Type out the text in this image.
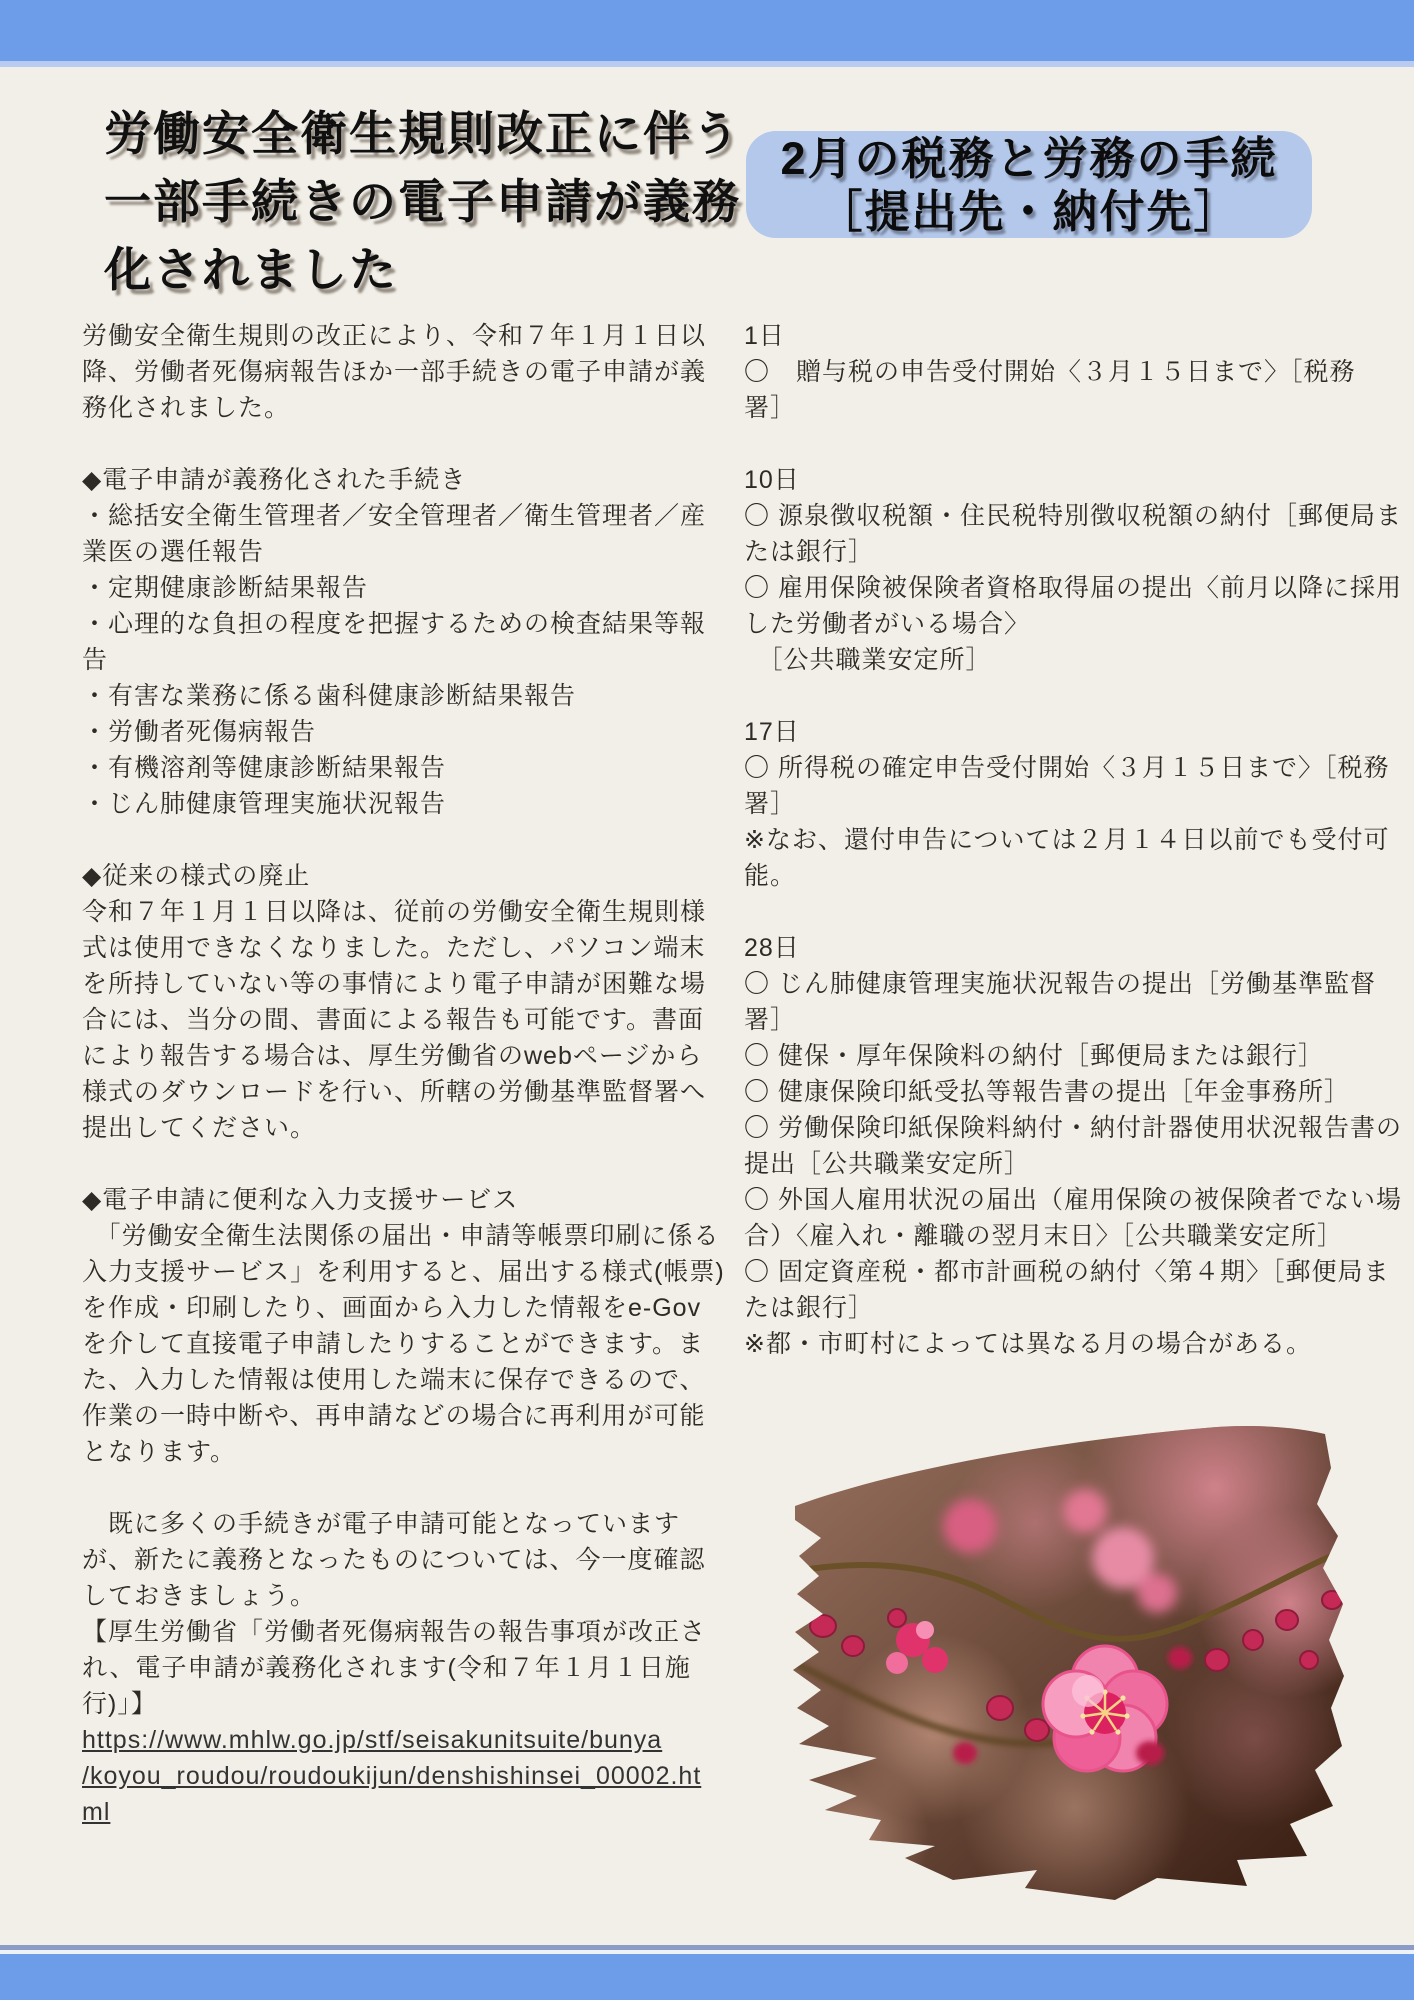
労働安全衛生規則改正に伴う
一部手続きの電子申請が義務
化されました
2月の税務と労務の手続
［提出先・納付先］
労働安全衛生規則の改正により、令和７年１月１日以
降、労働者死傷病報告ほか一部手続きの電子申請が義
務化されました。
◆電子申請が義務化された手続き
・総括安全衛生管理者／安全管理者／衛生管理者／産
業医の選任報告
・定期健康診断結果報告
・心理的な負担の程度を把握するための検査結果等報
告
・有害な業務に係る歯科健康診断結果報告
・労働者死傷病報告
・有機溶剤等健康診断結果報告
・じん肺健康管理実施状況報告
◆従来の様式の廃止
令和７年１月１日以降は、従前の労働安全衛生規則様
式は使用できなくなりました。ただし、パソコン端末
を所持していない等の事情により電子申請が困難な場
合には、当分の間、書面による報告も可能です。書面
により報告する場合は、厚生労働省のwebページから
様式のダウンロードを行い、所轄の労働基準監督署へ
提出してください。
◆電子申請に便利な入力支援サービス
　「労働安全衛生法関係の届出・申請等帳票印刷に係る
入力支援サービス」を利用すると、届出する様式(帳票)
を作成・印刷したり、画面から入力した情報をe-Gov
を介して直接電子申請したりすることができます。ま
た、入力した情報は使用した端末に保存できるので、
作業の一時中断や、再申請などの場合に再利用が可能
となります。
　既に多くの手続きが電子申請可能となっています
が、新たに義務となったものについては、今一度確認
しておきましょう。
【厚生労働省「労働者死傷病報告の報告事項が改正さ
れ、電子申請が義務化されます(令和７年１月１日施
行)」】
https://www.mhlw.go.jp/stf/seisakunitsuite/bunya
/koyou_roudou/roudoukijun/denshishinsei_00002.ht
ml
1日
〇　贈与税の申告受付開始〈３月１５日まで〉［税務
署］
10日
〇 源泉徴収税額・住民税特別徴収税額の納付［郵便局ま
たは銀行］
〇 雇用保険被保険者資格取得届の提出〈前月以降に採用
した労働者がいる場合〉
　［公共職業安定所］
17日
〇 所得税の確定申告受付開始〈３月１５日まで〉［税務
署］
※なお、還付申告については２月１４日以前でも受付可
能。
28日
〇 じん肺健康管理実施状況報告の提出［労働基準監督
署］
〇 健保・厚年保険料の納付［郵便局または銀行］
〇 健康保険印紙受払等報告書の提出［年金事務所］
〇 労働保険印紙保険料納付・納付計器使用状況報告書の
提出［公共職業安定所］
〇 外国人雇用状況の届出（雇用保険の被保険者でない場
合）〈雇入れ・離職の翌月末日〉［公共職業安定所］
〇 固定資産税・都市計画税の納付〈第４期〉［郵便局ま
たは銀行］
※都・市町村によっては異なる月の場合がある。
